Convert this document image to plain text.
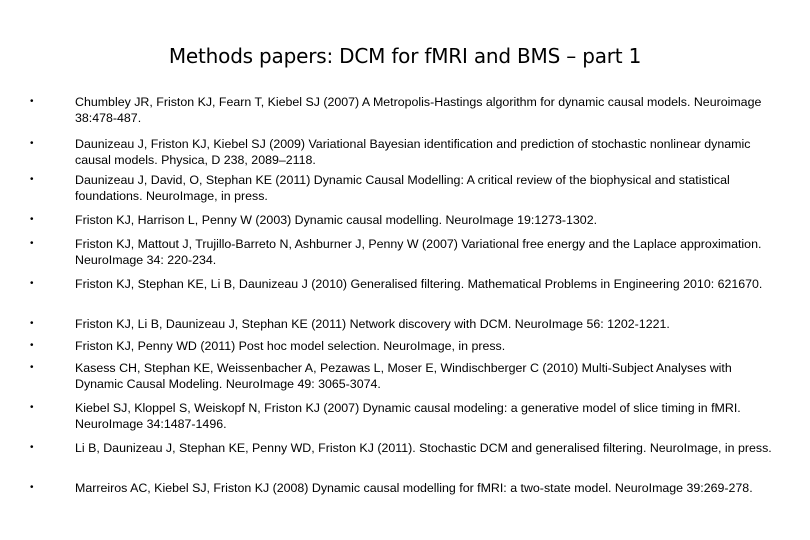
Methods papers: DCM for fMRI and BMS – part 1
•	Chumbley JR, Friston KJ, Fearn T, Kiebel SJ (2007) A Metropolis-Hastings algorithm for dynamic causal models. Neuroimage 38:478-487.
•	Daunizeau J, Friston KJ, Kiebel SJ (2009) Variational Bayesian identification and prediction of stochastic nonlinear dynamic causal models. Physica, D 238, 2089–2118.
•	Daunizeau J, David, O, Stephan KE (2011) Dynamic Causal Modelling: A critical review of the biophysical and statistical foundations. NeuroImage, in press.
•	Friston KJ, Harrison L, Penny W (2003) Dynamic causal modelling. NeuroImage 19:1273-1302.
•	Friston KJ, Mattout J, Trujillo-Barreto N, Ashburner J, Penny W (2007) Variational free energy and the Laplace approximation. NeuroImage 34: 220-234.
•	Friston KJ, Stephan KE, Li B, Daunizeau J (2010) Generalised filtering. Mathematical Problems in Engineering 2010: 621670.
•	Friston KJ, Li B, Daunizeau J, Stephan KE (2011) Network discovery with DCM. NeuroImage 56: 1202-1221.
•	Friston KJ, Penny WD (2011) Post hoc model selection. NeuroImage, in press.
•	Kasess CH, Stephan KE, Weissenbacher A, Pezawas L, Moser E, Windischberger C (2010) Multi-Subject Analyses with Dynamic Causal Modeling. NeuroImage 49: 3065-3074.
•	Kiebel SJ, Kloppel S, Weiskopf N, Friston KJ (2007) Dynamic causal modeling: a generative model of slice timing in fMRI. NeuroImage 34:1487-1496.
•	Li B, Daunizeau J, Stephan KE, Penny WD, Friston KJ (2011). Stochastic DCM and generalised filtering. NeuroImage, in press.
•	Marreiros AC, Kiebel SJ, Friston KJ (2008) Dynamic causal modelling for fMRI: a two-state model. NeuroImage 39:269-278.
